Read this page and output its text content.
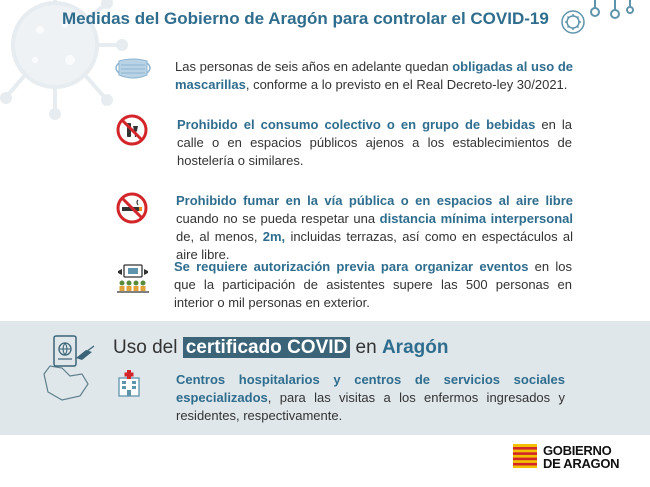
Medidas del Gobierno de Aragón para controlar el COVID-19
Las personas de seis años en adelante quedan obligadas al uso de mascarillas, conforme a lo previsto en el Real Decreto-ley 30/2021.
Prohibido el consumo colectivo o en grupo de bebidas en la calle o en espacios públicos ajenos a los establecimientos de hostelería o similares.
Prohibido fumar en la vía pública o en espacios al aire libre cuando no se pueda respetar una distancia mínima interpersonal de, al menos, 2m, incluidas terrazas, así como en espectáculos al aire libre.
Se requiere autorización previa para organizar eventos en los que la participación de asistentes supere las 500 personas en interior o mil personas en exterior.
Uso del certificado COVID en Aragón
Centros hospitalarios y centros de servicios sociales especializados, para las visitas a los enfermos ingresados y residentes, respectivamente.
GOBIERNO
DE ARAGON
